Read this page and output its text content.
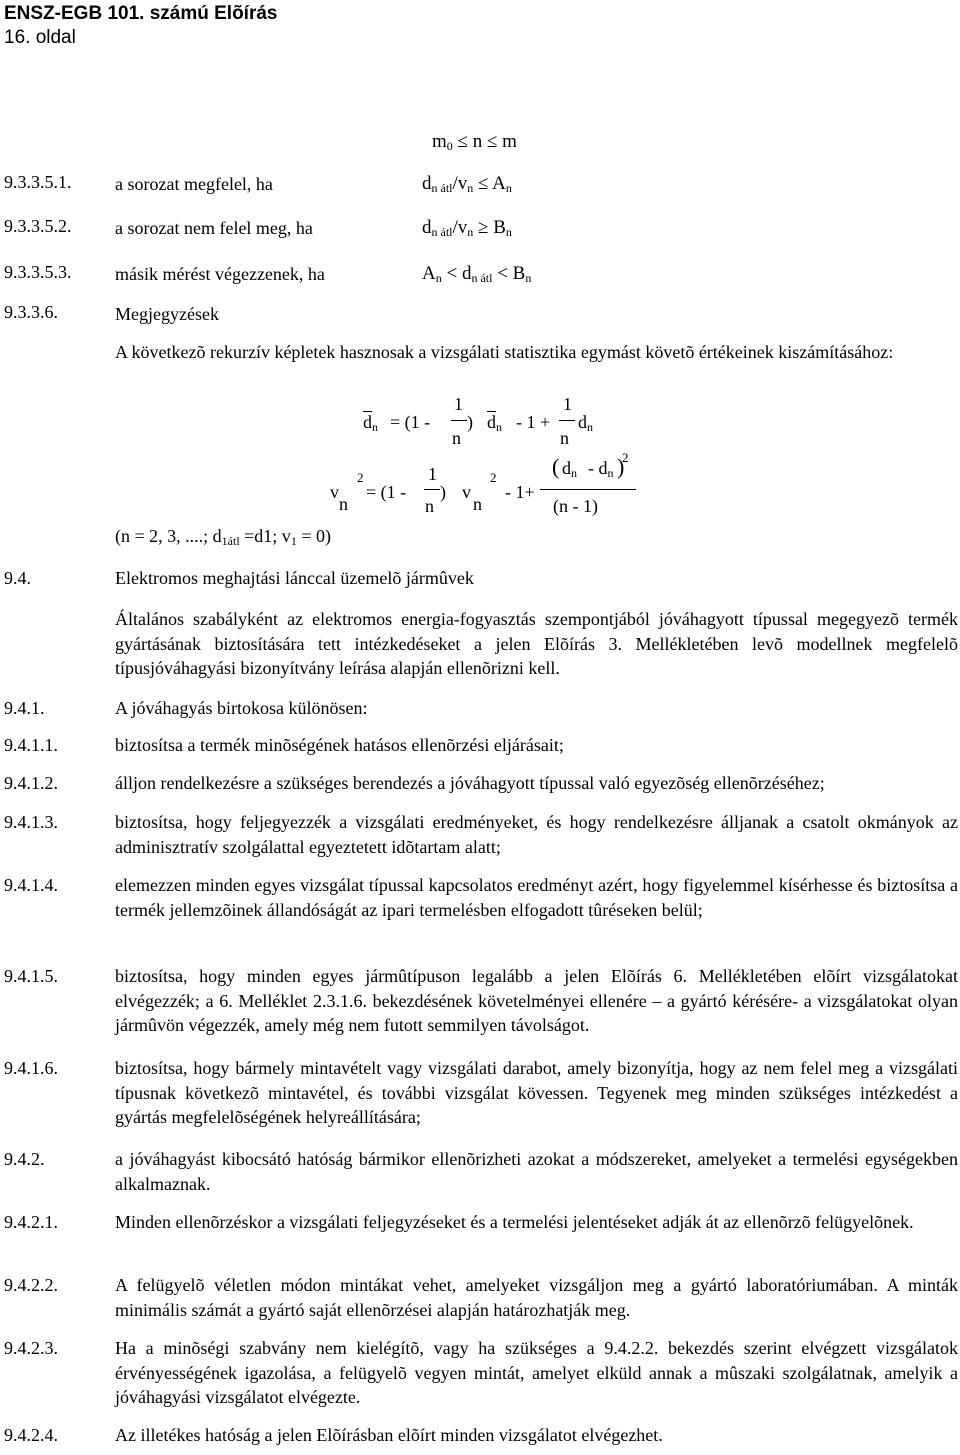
ENSZ-EGB 101. számú Elõírás
16. oldal
$m_0 \le n \le m$
9.3.3.5.1. a sorozat megfelel, ha	$d_{n átl}/v_n \le A_n$
9.3.3.5.2. a sorozat nem felel meg, ha	$d_{n átl}/v_n \ge B_n$
9.3.3.5.3. másik mérést végezzenek, ha	$A_n < d_{n átl} < B_n$
9.3.3.6.	Megjegyzések
A következõ rekurzív képletek hasznosak a vizsgálati statisztika egymást követõ értékeinek kiszámításához:
$\overline{d}_n = (1$ -
1
n
) $\overline{d}_n - 1$ +
1
n
$d_n$
v
n
2
= (1 -
1
n
) v
n
2
- 1+
( $d_n - d_n$ )
2
(n - 1)
(n = 2, 3, ....; $d_{1átl} =d1$; $v_1 = 0$)
9.4.	Elektromos meghajtási lánccal üzemelõ jármûvek
Általános szabályként az elektromos energia-fogyasztás szempontjából jóváhagyott típussal megegyezõ termék gyártásának biztosítására tett intézkedéseket a jelen Elõírás 3. Mellékletében levõ modellnek megfelelõ típusjóváhagyási bizonyítvány leírása alapján ellenõrizni kell.
9.4.1.	A jóváhagyás birtokosa különösen:
9.4.1.1.	biztosítsa a termék minõségének hatásos ellenõrzési eljárásait;
9.4.1.2.	álljon rendelkezésre a szükséges berendezés a jóváhagyott típussal való egyezõség ellenõrzéséhez;
9.4.1.3.	biztosítsa, hogy feljegyezzék a vizsgálati eredményeket, és hogy rendelkezésre álljanak a csatolt okmányok az adminisztratív szolgálattal egyeztetett idõtartam alatt;
9.4.1.4.	elemezzen minden egyes vizsgálat típussal kapcsolatos eredményt azért, hogy figyelemmel kísérhesse és biztosítsa a termék jellemzõinek állandóságát az ipari termelésben elfogadott tûréseken belül;
9.4.1.5.	biztosítsa, hogy minden egyes jármûtípuson legalább a jelen Elõírás 6. Mellékletében elõírt vizsgálatokat elvégezzék; a 6. Melléklet 2.3.1.6. bekezdésének követelményei ellenére – a gyártó kérésére- a vizsgálatokat olyan jármûvön végezzék, amely még nem futott semmilyen távolságot.
9.4.1.6.	biztosítsa, hogy bármely mintavételt vagy vizsgálati darabot, amely bizonyítja, hogy az nem felel meg a vizsgálati típusnak következõ mintavétel, és további vizsgálat kövessen. Tegyenek meg minden szükséges intézkedést a gyártás megfelelõségének helyreállítására;
9.4.2.	a jóváhagyást kibocsátó hatóság bármikor ellenõrizheti azokat a módszereket, amelyeket a termelési egységekben alkalmaznak.
9.4.2.1.	Minden ellenõrzéskor a vizsgálati feljegyzéseket és a termelési jelentéseket adják át az ellenõrzõ felügyelõnek.
9.4.2.2.	A felügyelõ véletlen módon mintákat vehet, amelyeket vizsgáljon meg a gyártó laboratóriumában. A minták minimális számát a gyártó saját ellenõrzései alapján határozhatják meg.
9.4.2.3.	Ha a minõségi szabvány nem kielégítõ, vagy ha szükséges a 9.4.2.2. bekezdés szerint elvégzett vizsgálatok érvényességének igazolása, a felügyelõ vegyen mintát, amelyet elküld annak a mûszaki szolgálatnak, amelyik a jóváhagyási vizsgálatot elvégezte.
9.4.2.4.	Az illetékes hatóság a jelen Elõírásban elõírt minden vizsgálatot elvégezhet.
